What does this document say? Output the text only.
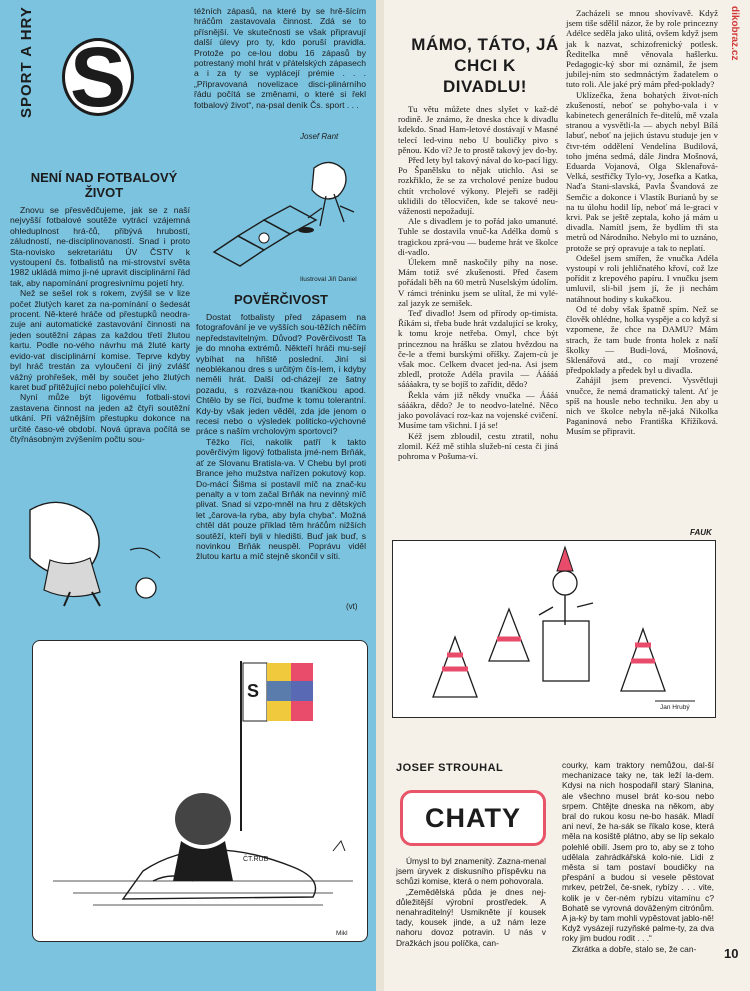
SPORT A HRY S

téžních zápasů, na které by se hrě-šícím hráčům zastavovala činnost. Zdá se to přísnější. Ve skutečnosti se však připravují další úlevy pro ty, kdo poruší pravidla. Protože po ce-lou dobu 16 zápasů by potrestaný mohl hrát v přátelských zápasech a i za ty se vyplácejí prémie . . . „Připravovaná novelizace disci-plinárního řádu počítá se změnami, o které si řekl fotbalový život“, na-psal deník Čs. sport . . .

Josef Rant
NENÍ NAD FOTBALOVÝ ŽIVOT

Znovu se přesvědčujeme, jak se z naší nejvyšší fotbalové soutěže vytrácí vzájemná ohleduplnost hrá-čů, přibývá hrubostí, záludností, ne-disciplinovaností. Snad i proto Sta-novisko sekretariátu ÚV ČSTV k vystoupení čs. fotbalistů na mi-strovství světa 1982 ukládá mimo ji-né upravit disciplinární řád tak, aby napomínání progresivnímu pojetí hry.

Než se sešel rok s rokem, zvýšil se v lize počet žlutých karet za na-pomínání o šedesát procent. Ně-které hráče od přestupků neodra-zuje ani automatické zastavování činnosti na jeden soutěžní zápas za každou třetí žlutou kartu. Podle no-vého návrhu má žluté karty evido-vat disciplinární komise. Teprve kdyby byl hráč trestán za vyloučení či jiný zvlášť vážný prohřešek, měl by součet jeho žlutých karet buď přitěžující nebo polehčující vliv.

Nyní může být ligovému fotbali-stovi zastavena činnost na jeden až čtyři soutěžní utkání. Při vážnějším přestupku dokonce na určité časo-vé období. Nová úprava počítá se čtyřnásobným zvýšením počtu sou-

Ilustroval Jiří Daniel
POVĚRČIVOST

Dostat fotbalisty před zápasem na fotografování je ve vyšších sou-těžích něčím nepředstavitelným. Důvod? Pověrčivost! Ta je do mnoha extrémů. Někteří hráči mu-sejí vybíhat na hřiště poslední. Jiní si neoblékanou dres s určitým čís-lem, i kdyby neměli hrát. Další od-cházejí ze šatny pozadu, s rozváza-nou tkaničkou apod. Chtělo by se říci, buďme k tomu tolerantní. Kdy-by však jeden věděl, zda jde jenom o recesi nebo o výsledek politicko-výchovné práce s naším vrcholovým sportovci?

Těžko říci, nakolik patří k takto pověrčivým ligový fotbalista jmé-nem Brňák, ať ze Slovanu Bratisla-va. V Chebu byl proti Brance jeho mužstva nařízen pokutový kop. Do-mácí Šišma si postavil míč na znač-ku penalty a v tom začal Brňák na nevinný míč plivat. Snad si vzpo-mněl na hru z dětských let „čarova-la ryba, aby byla chyba“. Možná chtěl dát pouze příklad těm hráčům nižších soutěží, kteří byli v hledišti. Buď jak buď, s novinkou Brňák neuspěl. Poprávu viděl žlutou kartu a míč stejně skončil v síti.

(vt)
S
ČT.RUB
Mikl
MÁMO, TÁTO, JÁ CHCI K DIVADLU!

Tu větu můžete dnes slyšet v kaž-dé rodině. Je známo, že dneska chce k divadlu kdekdo. Snad Ham-letové dostávají v Masné telecí led-vinu nebo U bouličky pivo s pěnou. Kdo ví? Je to prostě takový jev do-by.

Před lety byl takový nával do ko-pací ligy. Po Španělsku to nějak utichlo. Asi se rozkřiklo, že se za vrcholové peníze budou chtít vrcholové výkony. Plejeři se raději uklidili do tělocvičen, kde se takové neu-váženosti nepožadují.

Ale s divadlem je to pořád jako umanuté. Tuhle se dostavila vnuč-ka Adélka domů s tragickou zprá-vou — budeme hrát ve školce di-vadlo.

Úlekem mně naskočily pihy na nose. Mám totiž své zkušenosti. Před časem pořádali běh na 60 metrů Nuselským údolím. V rámci tréninku jsem se ulítal, že mi vylé-zal jazyk ze semišek.

Teď divadlo! Jsem od přírody op-timista. Říkám si, třeba bude hrát vzdalující se kroky, k tomu kroje netřeba. Omyl, chce být princeznou na hrášku se zlatou hvězdou na če-le a třemi burskými oříšky. Zajem-cù je však moc. Celkem dvacet jed-na. Asi jsem zbledl, protože Adéla pravila — Ááááá sáááakra, ty se bojíš to zařídit, dědo?

Řekla vám již někdy vnučka — Áááá sááákra, dědo? Je to neodvo-latelné. Něco jako povolávací roz-kaz na vojenské cvičení. Musíme tam všichni. I já se!

Kéž jsem zbloudil, cestu ztratil, nohu zlomil. Kéž mě stihla služeb-ní cesta či jiná pohroma v Pošuma-ví.

Zacházeli se mnou shovívavě. Když jsem tiše sdělil názor, že by role princezny Adélce seděla jako ulitá, ovšem když jsem jak k nazvat, schizofrenický potlesk. Ředitelka mně věnovala hašlerku. Pedagogic-ký sbor mi oznámil, že jsem jubilej-ním sto sedmnáctým žadatelem o tuto roli. Ale jaké prý mám před-poklady?

Uklízečka, žena bohatých život-ních zkušeností, neboť se pohybo-vala i v kabinetech generálních ře-ditelů, mě vzala stranou a vysvětli-la — abych nebyl Bílá labuť, neboť na jejich ústavu studuje jen v čtvr-tém oddělení Vendelína Budilová, toho jména sedmá, dále Jindra Mošnová, Eduarda Vojanová, Olga Sklenařová-Velká, sestřičky Tylo-vy, Josefka a Katka, Naďa Stani-slavská, Pavla Švandová ze Semčic a dokonce i Vlastík Burianů by se na tu úlohu hodil líp, neboť má le-graci v krvi. Pak se ještě zeptala, koho já mám u divadla. Namítl jsem, že bydlím tři sta metrů od Národního. Nebylo mi to uznáno, protože se prý opravuje a tak to neplatí.

Odešel jsem smířen, že vnučka Adéla vystoupí v roli jehličnatého křoví, což lze pořídit z krepového papíru. I vnučku jsem umluvil, sli-bil jsem jí, že ji nechám natáhnout hodiny s kukačkou.

Od té doby však špatně spím. Než se člověk ohlédne, holka vyspěje a co když si vzpomene, že chce na DAMU? Mám strach, že tam bude fronta holek z naší školky — Budi-lová, Mošnová, Sklenářová atd., co mají vrozené předpoklady a předek byl u divadla.

Zahájil jsem prevenci. Vysvětluji vnučce, že nemá dramatický talent. Ať je spíš na housle nebo techniku. Jen aby u nich ve školce nebyla ně-jaká Nikolka Paganinová nebo Františka Křížíková. Musím se připravit.

FAUK
Jan Hrubý
JOSEF STROUHAL
CHATY

Úmysl to byl znamenitý. Zazna-menal jsem úryvek z diskusního příspěvku na schůzi komise, která o nem pohovorala.

„Zemědělská půda je dnes nej-důležitější výrobní prostředek. A nenahraditelný! Usmikněte jí kousek tady, kousek jinde, a už nám leze nahoru dovoz potravin. U nás v Dražkách jsou políčka, can-

courky, kam traktory nemůžou, dal-ší mechanizace taky ne, tak leží la-dem. Kdysi na nich hospodařil starý Slanina, ale všechno musel brát ko-sou nebo srpem. Chtějte dneska na někom, aby bral do rukou kosu ne-bo hasák. Mladí ani neví, že ha-sák se říkalo kose, která měla na kosiště plátno, aby se líp sekalo polehlé obilí. Jsem pro to, aby se z toho udělala zahrádkářská kolo-nie. Lidi z města si tam postaví boudičky na přespání a budou si vesele pěstovat mrkev, petržel, če-snek, rybízy . . . vite, kolik je v čer-ném rybízu vitamínu c? Bohatě se vyrovná doväženým citrónům. A ja-ký by tam mohli vypěstovat jablo-ně! Když vysázejí ruzyňské palme-ty, za dva roky jim budou rodit . . .“

Zkrátka a dobře, stalo se, že can-	10
dikobraz.cz
